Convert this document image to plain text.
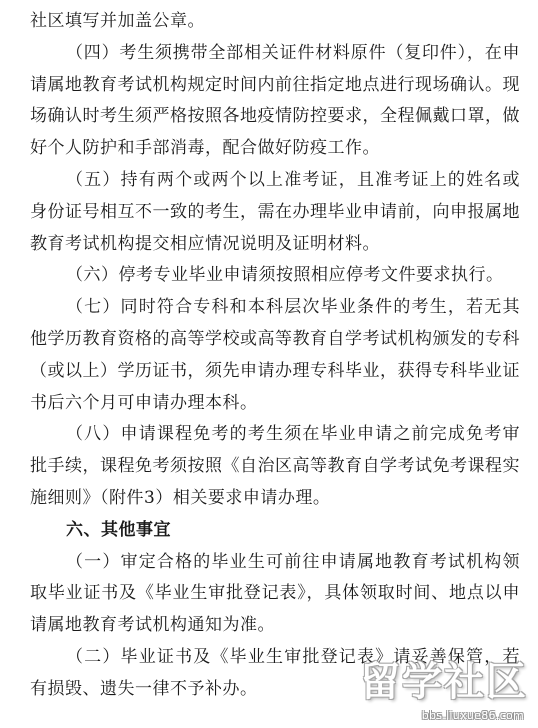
社区填写并加盖公章。

（四）考生须携带全部相关证件材料原件（复印件），在申请属地教育考试机构规定时间内前往指定地点进行现场确认。现场确认时考生须严格按照各地疫情防控要求，全程佩戴口罩，做好个人防护和手部消毒，配合做好防疫工作。

（五）持有两个或两个以上准考证，且准考证上的姓名或身份证号相互不一致的考生，需在办理毕业申请前，向申报属地教育考试机构提交相应情况说明及证明材料。

（六）停考专业毕业申请须按照相应停考文件要求执行。

（七）同时符合专科和本科层次毕业条件的考生，若无其他学历教育资格的高等学校或高等教育自学考试机构颁发的专科（或以上）学历证书，须先申请办理专科毕业，获得专科毕业证书后六个月可申请办理本科。

（八）申请课程免考的考生须在毕业申请之前完成免考审批手续，课程免考须按照《自治区高等教育自学考试免考课程实施细则》（附件3）相关要求申请办理。

六、其他事宜

（一）审定合格的毕业生可前往申请属地教育考试机构领取毕业证书及《毕业生审批登记表》，具体领取时间、地点以申请属地教育考试机构通知为准。

（二）毕业证书及《毕业生审批登记表》请妥善保管，若有损毁、遗失一律不予补办。	留学社区
bbs.liuxue86.com
